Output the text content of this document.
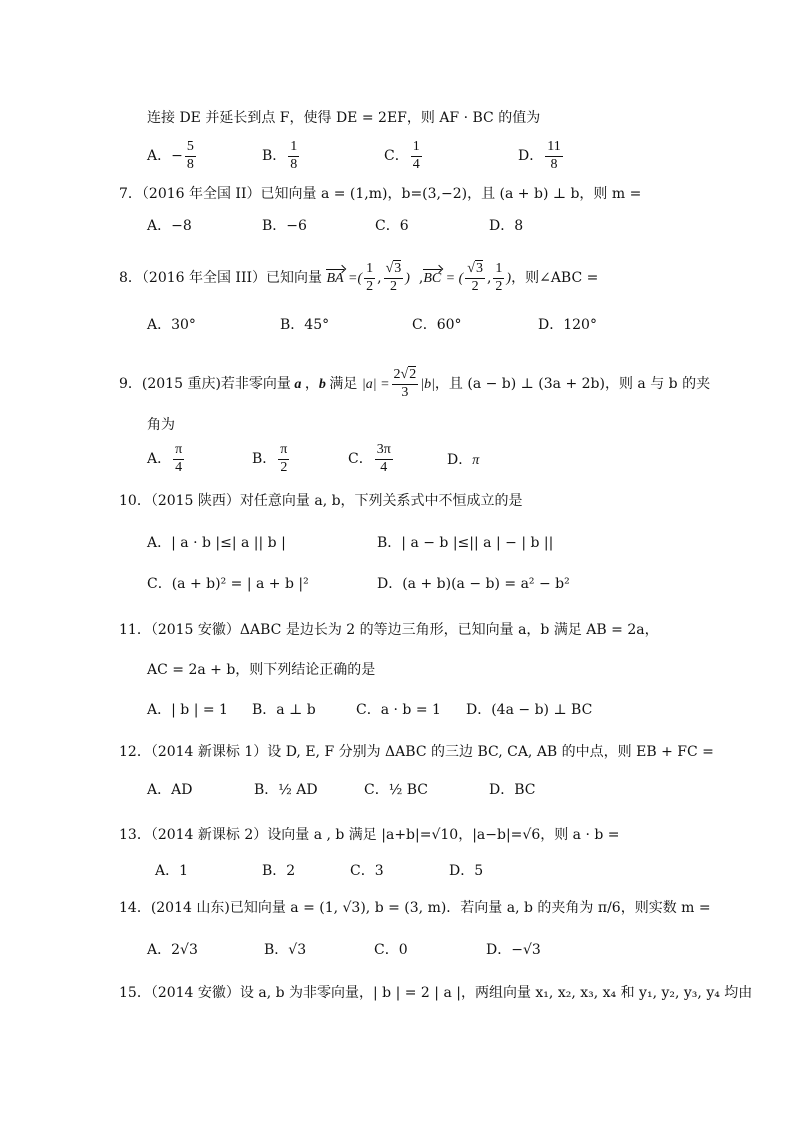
连接 DE 并延长到点 F，使得 DE = 2EF，则 AF · BC 的值为
A．− $\frac{5}{8}$	B． $\frac{1}{8}$	C． $\frac{1}{4}$	D． $\frac{11}{8}$
7．（2016 年全国 II）已知向量 a = (1,m)，b=(3,−2)，且 (a + b) ⊥ b，则 m =
A．−8	B．−6	C．6	D．8
8．（2016 年全国 III）已知向量 BA =( $\frac{1}{2}$ , $\frac{√3}{2}$ )  ,BC = ( $\frac{√3}{2}$ , $\frac{1}{2}$ )，则∠ABC =
A．30°	B．45°	C．60°	D．120°
9．(2015 重庆)若非零向量 a ，b 满足 $|a| = \frac{2√2}{3} |b|$，且 (a − b) ⊥ (3a + 2b)，则 a 与 b 的夹
角为
A． $\frac{\pi}{4}$	B． $\frac{\pi}{2}$	C． $\frac{3\pi}{4}$	D．π
10．（2015 陕西）对任意向量 a, b，下列关系式中不恒成立的是
A．| a · b |≤| a || b |	B．| a − b |≤|| a | − | b ||
C．(a + b)² = | a + b |²	D．(a + b)(a − b) = a² − b²
11．（2015 安徽）ΔABC 是边长为 2 的等边三角形，已知向量 a，b 满足 AB = 2a，
AC = 2a + b，则下列结论正确的是
A．| b | = 1 B．a ⊥ b	C．a · b = 1 D．(4a − b) ⊥ BC
12．（2014 新课标 1）设 D, E, F 分别为 ΔABC 的三边 BC, CA, AB 的中点，则 EB + FC =
A．AD	B．½ AD	C．½ BC	D．BC
13．（2014 新课标 2）设向量 a , b 满足 |a+b|=√10，|a−b|=√6，则 a · b =
A．1	B．2	C．3	D．5
14．(2014 山东)已知向量 a = (1, √3), b = (3, m)．若向量 a, b 的夹角为 π/6，则实数 m =
A．2√3	B．√3	C．0	D．−√3
15．（2014 安徽）设 a, b 为非零向量，| b | = 2 | a |，两组向量 x₁, x₂, x₃, x₄ 和 y₁, y₂, y₃, y₄ 均由
